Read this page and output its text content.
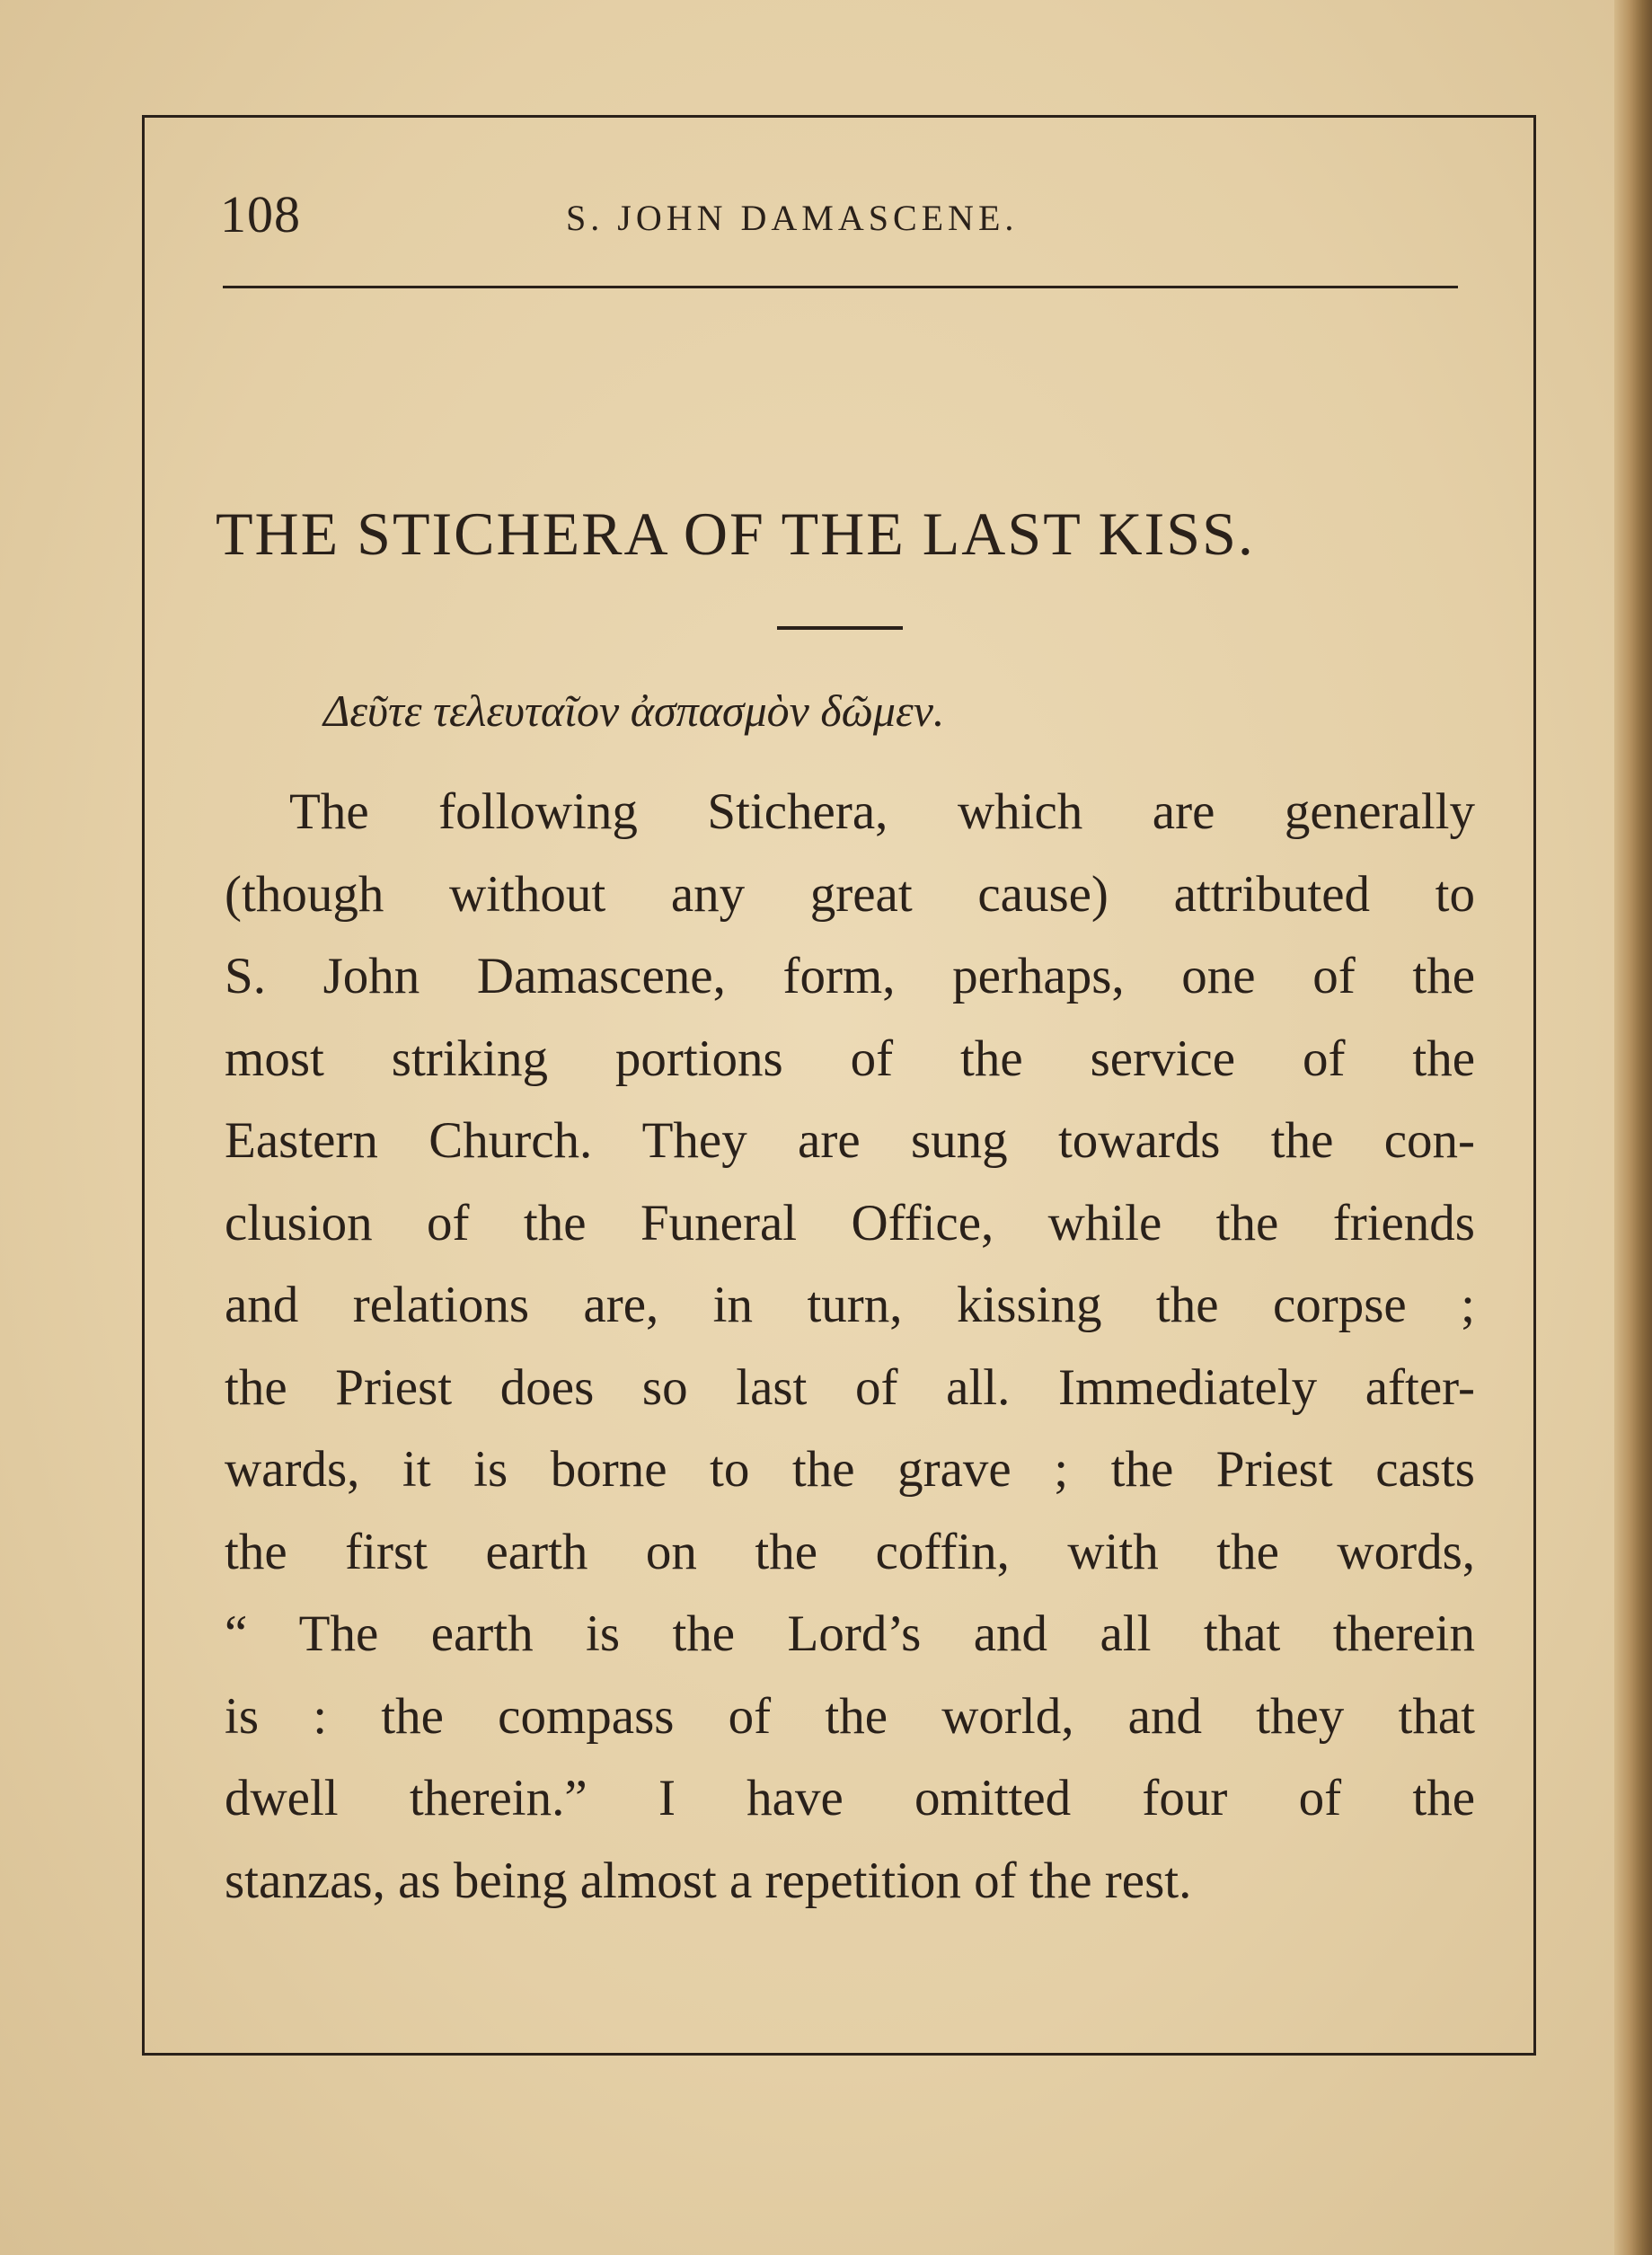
108	S. JOHN DAMASCENE.
THE STICHERA OF THE LAST KISS.
Δεῦτε τελευταῖον ἀσπασμὸν δῶμεν.
The following Stichera, which are generally
(though without any great cause) attributed to
S. John Damascene, form, perhaps, one of the
most striking portions of the service of the
Eastern Church. They are sung towards the con-
clusion of the Funeral Office, while the friends
and relations are, in turn, kissing the corpse ;
the Priest does so last of all. Immediately after-
wards, it is borne to the grave ; the Priest casts
the first earth on the coffin, with the words,
“ The earth is the Lord’s and all that therein
is : the compass of the world, and they that
dwell therein.” I have omitted four of the
stanzas, as being almost a repetition of the rest.
